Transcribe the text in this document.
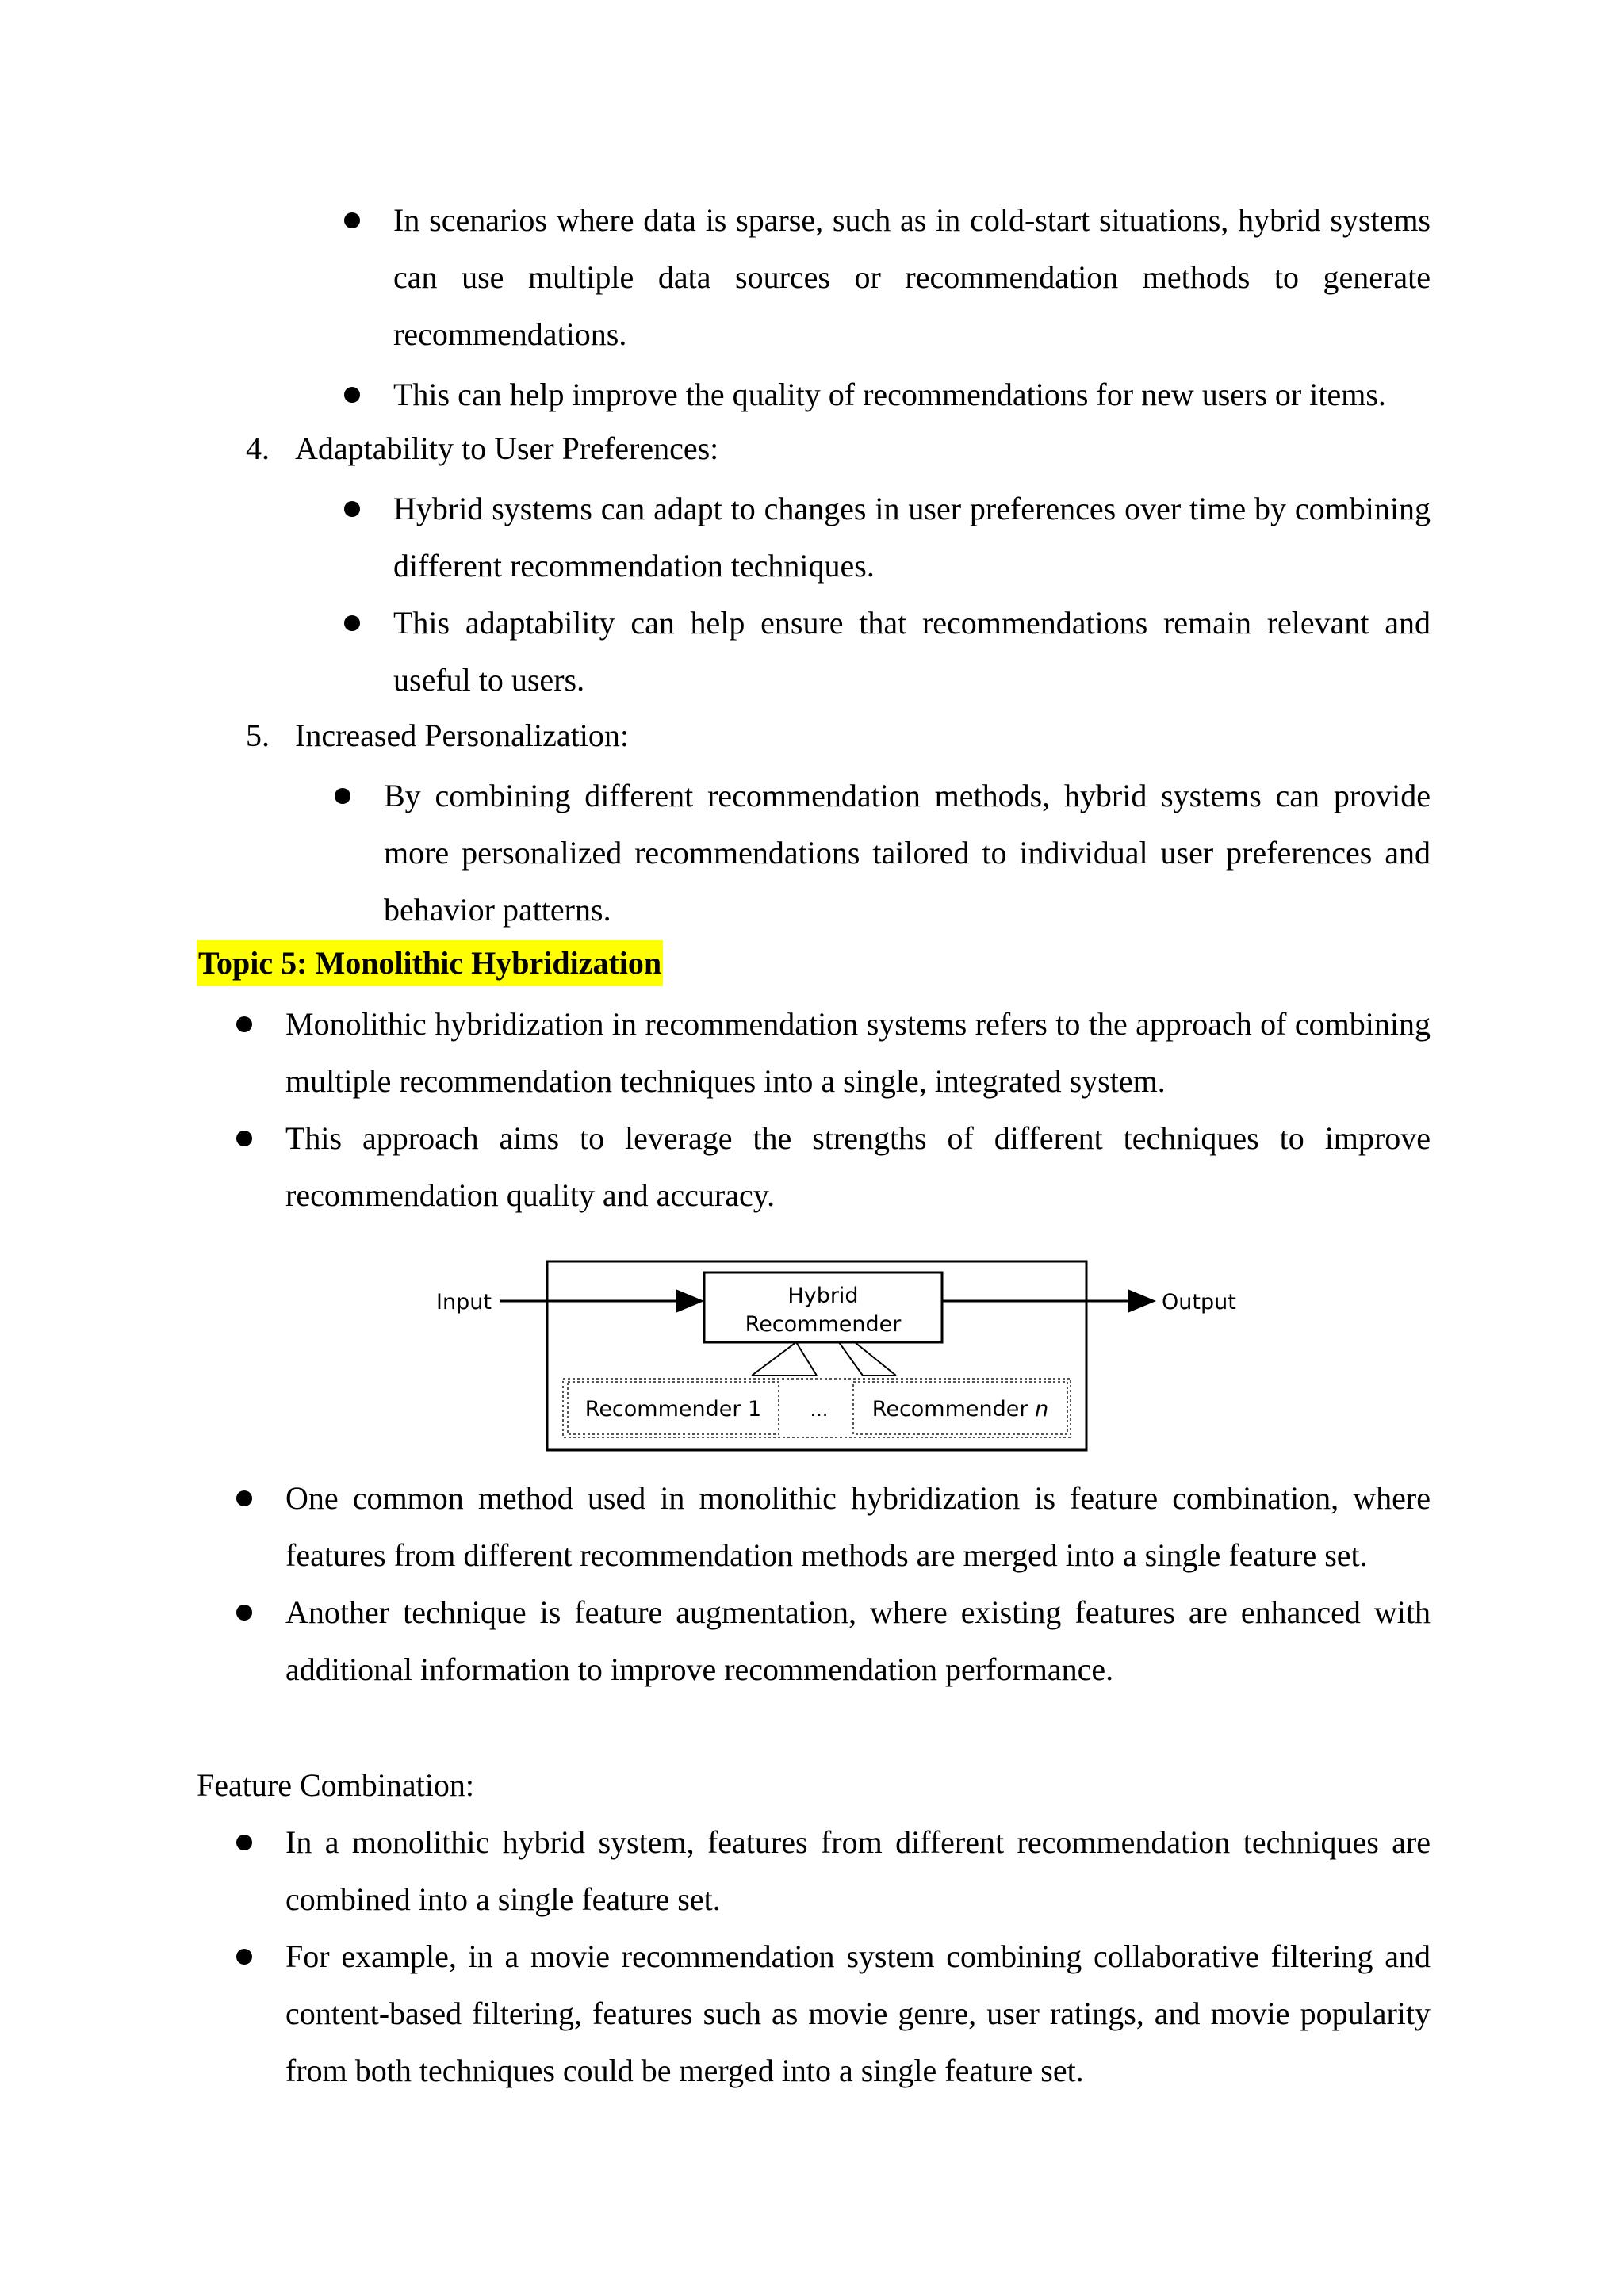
In scenarios where data is sparse, such as in cold-start situations, hybrid systems can use multiple data sources or recommendation methods to generate recommendations.
This can help improve the quality of recommendations for new users or items.
4. Adaptability to User Preferences:
Hybrid systems can adapt to changes in user preferences over time by combining different recommendation techniques.
This adaptability can help ensure that recommendations remain relevant and useful to users.
5. Increased Personalization:
By combining different recommendation methods, hybrid systems can provide more personalized recommendations tailored to individual user preferences and behavior patterns.
Topic 5: Monolithic Hybridization
Monolithic hybridization in recommendation systems refers to the approach of combining multiple recommendation techniques into a single, integrated system.
This approach aims to leverage the strengths of different techniques to improve recommendation quality and accuracy.
Input	Hybrid
Recommender
Output
Recommender 1	... Recommender n
One common method used in monolithic hybridization is feature combination, where features from different recommendation methods are merged into a single feature set.
Another technique is feature augmentation, where existing features are enhanced with additional information to improve recommendation performance.
Feature Combination:
In a monolithic hybrid system, features from different recommendation techniques are combined into a single feature set.
For example, in a movie recommendation system combining collaborative filtering and content-based filtering, features such as movie genre, user ratings, and movie popularity from both techniques could be merged into a single feature set.
